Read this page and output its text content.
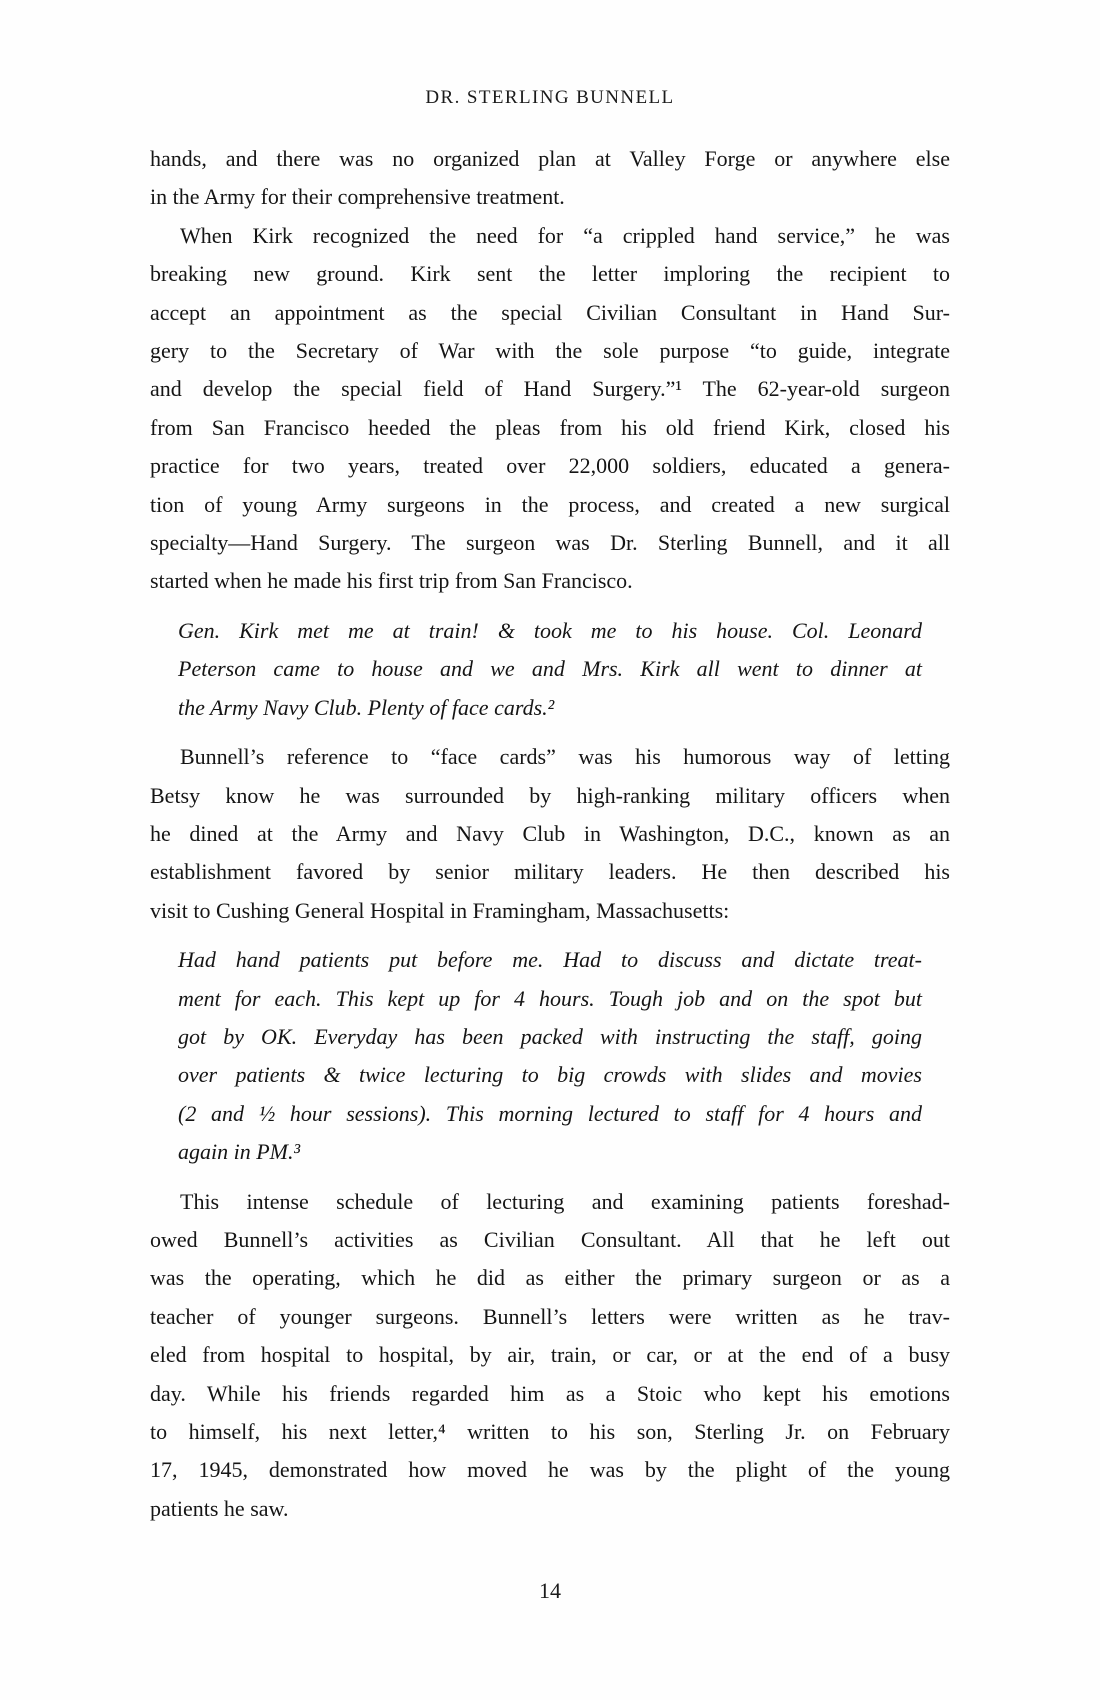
DR. STERLING BUNNELL
hands, and there was no organized plan at Valley Forge or anywhere else
in the Army for their comprehensive treatment.
When Kirk recognized the need for “a crippled hand service,” he was
breaking new ground. Kirk sent the letter imploring the recipient to
accept an appointment as the special Civilian Consultant in Hand Sur-
gery to the Secretary of War with the sole purpose “to guide, integrate
and develop the special field of Hand Surgery.”¹ The 62-year-old surgeon
from San Francisco heeded the pleas from his old friend Kirk, closed his
practice for two years, treated over 22,000 soldiers, educated a genera-
tion of young Army surgeons in the process, and created a new surgical
specialty—Hand Surgery. The surgeon was Dr. Sterling Bunnell, and it all
started when he made his first trip from San Francisco.
Gen. Kirk met me at train! & took me to his house. Col. Leonard
Peterson came to house and we and Mrs. Kirk all went to dinner at
the Army Navy Club. Plenty of face cards.²
Bunnell’s reference to “face cards” was his humorous way of letting
Betsy know he was surrounded by high-ranking military officers when
he dined at the Army and Navy Club in Washington, D.C., known as an
establishment favored by senior military leaders. He then described his
visit to Cushing General Hospital in Framingham, Massachusetts:
Had hand patients put before me. Had to discuss and dictate treat-
ment for each. This kept up for 4 hours. Tough job and on the spot but
got by OK. Everyday has been packed with instructing the staff, going
over patients & twice lecturing to big crowds with slides and movies
(2 and ½ hour sessions). This morning lectured to staff for 4 hours and
again in PM.³
This intense schedule of lecturing and examining patients foreshad-
owed Bunnell’s activities as Civilian Consultant. All that he left out
was the operating, which he did as either the primary surgeon or as a
teacher of younger surgeons. Bunnell’s letters were written as he trav-
eled from hospital to hospital, by air, train, or car, or at the end of a busy
day. While his friends regarded him as a Stoic who kept his emotions
to himself, his next letter,⁴ written to his son, Sterling Jr. on February
17, 1945, demonstrated how moved he was by the plight of the young
patients he saw.
14
